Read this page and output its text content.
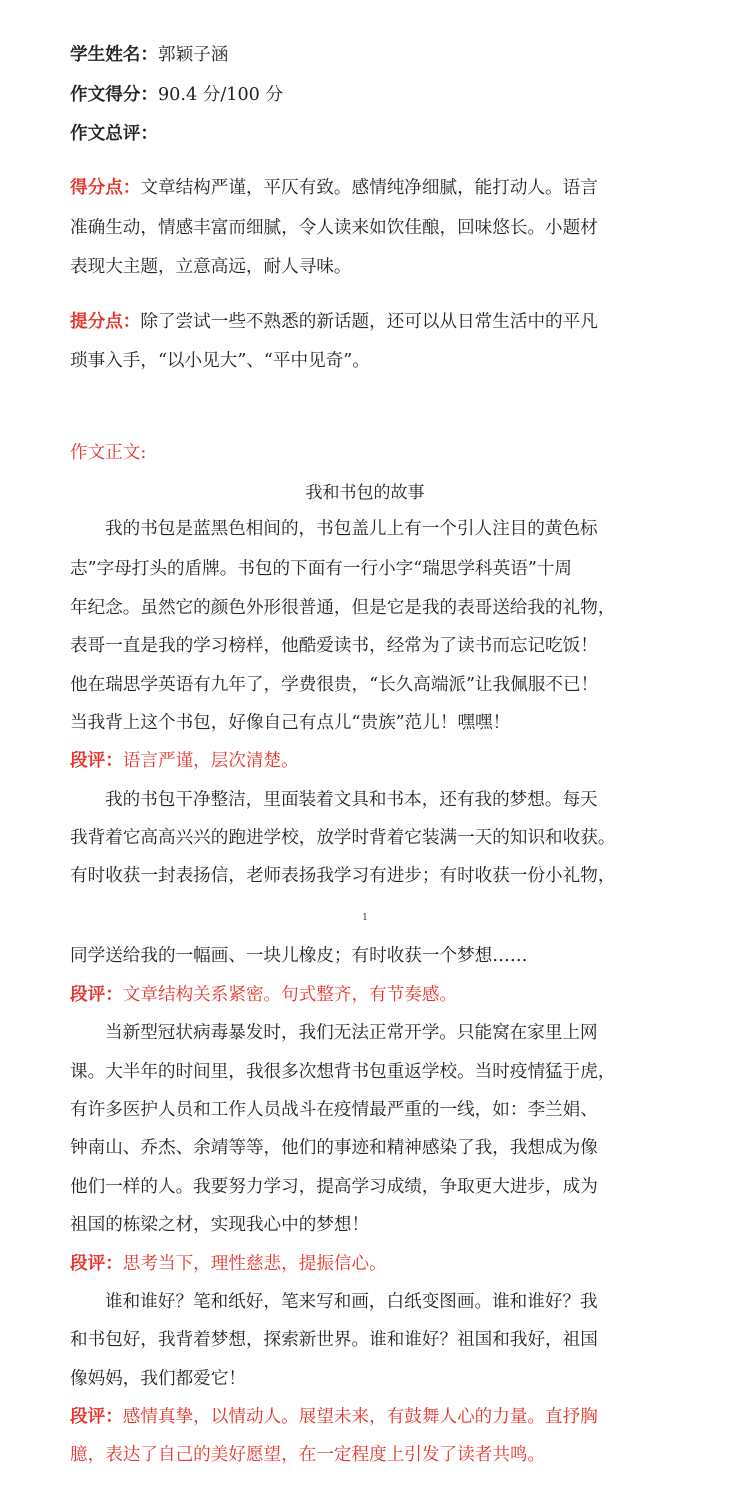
学生姓名：郭颖子涵
作文得分：90.4 分/100 分
作文总评：
得分点：文章结构严谨，平仄有致。感情纯净细腻，能打动人。语言
准确生动，情感丰富而细腻，令人读来如饮佳酿，回味悠长。小题材
表现大主题，立意高远，耐人寻味。
提分点：除了尝试一些不熟悉的新话题，还可以从日常生活中的平凡
琐事入手，“以小见大”、“平中见奇”。
作文正文:
我和书包的故事
我的书包是蓝黑色相间的，书包盖儿上有一个引人注目的黄色标
志”字母打头的盾牌。书包的下面有一行小字“瑞思学科英语”十周
年纪念。虽然它的颜色外形很普通，但是它是我的表哥送给我的礼物，
表哥一直是我的学习榜样，他酷爱读书，经常为了读书而忘记吃饭！
他在瑞思学英语有九年了，学费很贵，“长久高端派”让我佩服不已！
当我背上这个书包，好像自己有点儿“贵族”范儿！嘿嘿！
段评：语言严谨，层次清楚。
我的书包干净整洁，里面装着文具和书本，还有我的梦想。每天
我背着它高高兴兴的跑进学校，放学时背着它装满一天的知识和收获。
有时收获一封表扬信，老师表扬我学习有进步；有时收获一份小礼物，
1
同学送给我的一幅画、一块儿橡皮；有时收获一个梦想……
段评：文章结构关系紧密。句式整齐，有节奏感。
当新型冠状病毒暴发时，我们无法正常开学。只能窝在家里上网
课。大半年的时间里，我很多次想背书包重返学校。当时疫情猛于虎，
有许多医护人员和工作人员战斗在疫情最严重的一线，如：李兰娟、
钟南山、乔杰、余靖等等，他们的事迹和精神感染了我，我想成为像
他们一样的人。我要努力学习，提高学习成绩，争取更大进步，成为
祖国的栋梁之材，实现我心中的梦想！
段评：思考当下，理性慈悲，提振信心。
谁和谁好？笔和纸好，笔来写和画，白纸变图画。谁和谁好？我
和书包好，我背着梦想，探索新世界。谁和谁好？祖国和我好，祖国
像妈妈，我们都爱它！
段评：感情真挚，以情动人。展望未来，有鼓舞人心的力量。直抒胸
臆，表达了自己的美好愿望，在一定程度上引发了读者共鸣。
